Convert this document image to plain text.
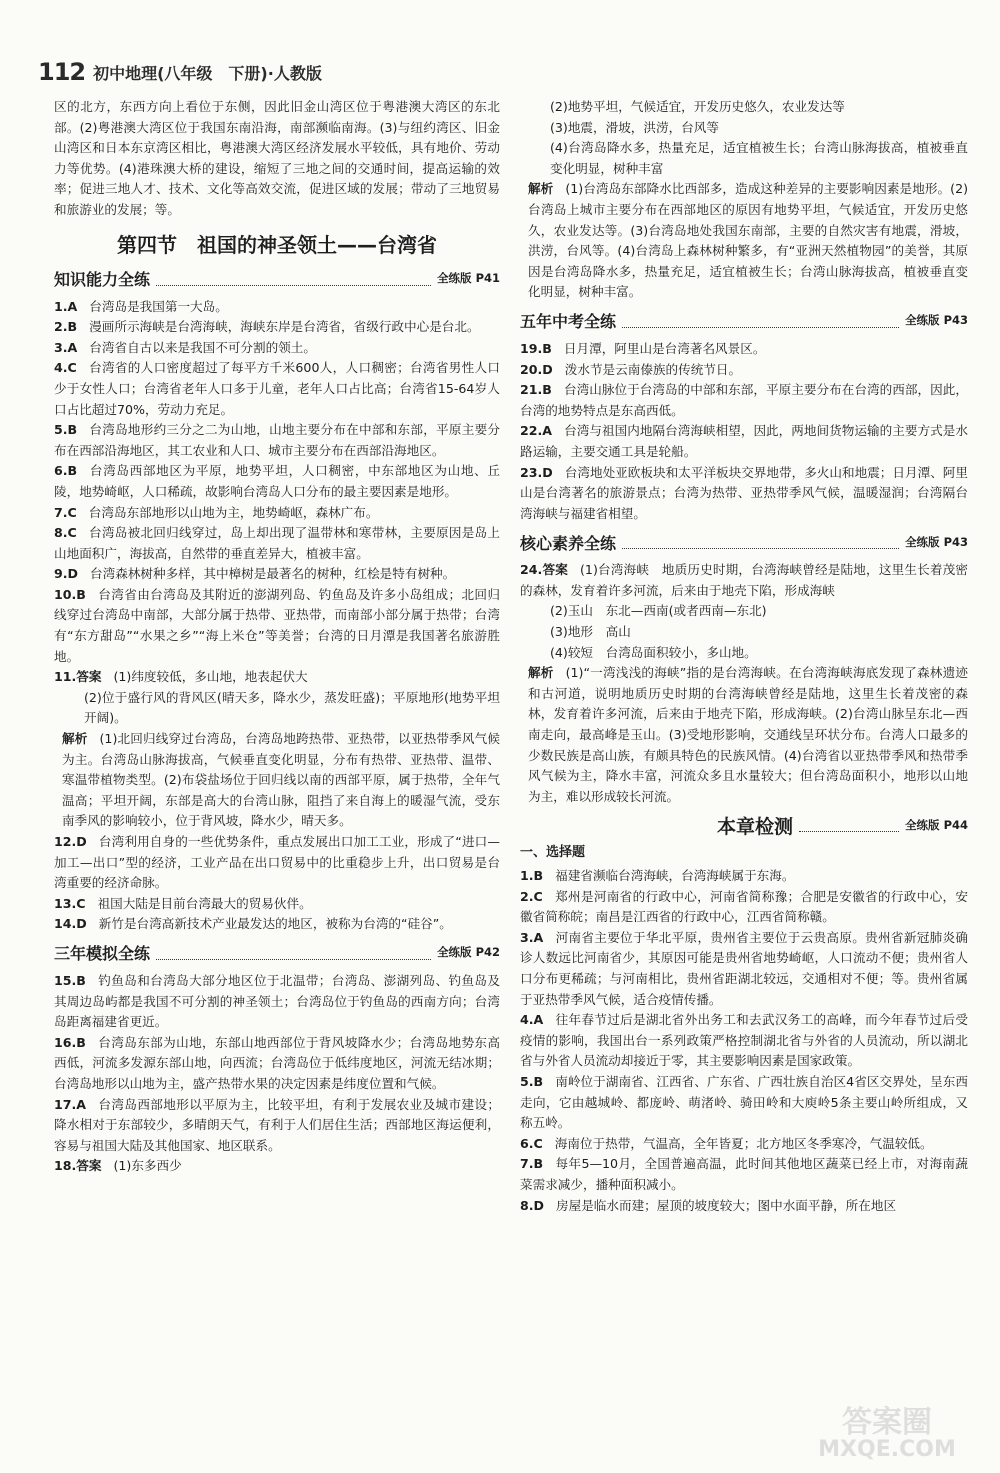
112 初中地理(八年级　下册)·人教版

区的北方，东西方向上看位于东侧，因此旧金山湾区位于粤港澳大湾区的东北部。(2)粤港澳大湾区位于我国东南沿海，南部濒临南海。(3)与纽约湾区、旧金山湾区和日本东京湾区相比，粤港澳大湾区经济发展水平较低，具有地价、劳动力等优势。(4)港珠澳大桥的建设，缩短了三地之间的交通时间，提高运输的效率；促进三地人才、技术、文化等高效交流，促进区域的发展；带动了三地贸易和旅游业的发展；等。

第四节　祖国的神圣领土——台湾省
知识能力全练	全练版 P41

1.A 台湾岛是我国第一大岛。

2.B 漫画所示海峡是台湾海峡，海峡东岸是台湾省，省级行政中心是台北。

3.A 台湾省自古以来是我国不可分割的领土。

4.C 台湾省的人口密度超过了每平方千米600人，人口稠密；台湾省男性人口少于女性人口；台湾省老年人口多于儿童，老年人口占比高；台湾省15-64岁人口占比超过70%，劳动力充足。

5.B 台湾岛地形约三分之二为山地，山地主要分布在中部和东部，平原主要分布在西部沿海地区，其工农业和人口、城市主要分布在西部沿海地区。

6.B 台湾岛西部地区为平原，地势平坦，人口稠密，中东部地区为山地、丘陵，地势崎岖，人口稀疏，故影响台湾岛人口分布的最主要因素是地形。

7.C 台湾岛东部地形以山地为主，地势崎岖，森林广布。

8.C 台湾岛被北回归线穿过，岛上却出现了温带林和寒带林，主要原因是岛上山地面积广，海拔高，自然带的垂直差异大，植被丰富。

9.D 台湾森林树种多样，其中樟树是最著名的树种，红桧是特有树种。

10.B 台湾省由台湾岛及其附近的澎湖列岛、钓鱼岛及许多小岛组成；北回归线穿过台湾岛中南部，大部分属于热带、亚热带，而南部小部分属于热带；台湾有“东方甜岛”“水果之乡”“海上米仓”等美誉；台湾的日月潭是我国著名旅游胜地。

11.答案 (1)纬度较低，多山地，地表起伏大

(2)位于盛行风的背风区(晴天多，降水少，蒸发旺盛)；平原地形(地势平坦开阔)。

解析 (1)北回归线穿过台湾岛，台湾岛地跨热带、亚热带，以亚热带季风气候为主。台湾岛山脉海拔高，气候垂直变化明显，分布有热带、亚热带、温带、寒温带植物类型。(2)布袋盐场位于回归线以南的西部平原，属于热带，全年气温高；平坦开阔，东部是高大的台湾山脉，阻挡了来自海上的暖湿气流，受东南季风的影响较小，位于背风坡，降水少，晴天多。

12.D 台湾利用自身的一些优势条件，重点发展出口加工工业，形成了“进口—加工—出口”型的经济，工业产品在出口贸易中的比重稳步上升，出口贸易是台湾重要的经济命脉。

13.C 祖国大陆是目前台湾最大的贸易伙伴。

14.D 新竹是台湾高新技术产业最发达的地区，被称为台湾的“硅谷”。

三年模拟全练	全练版 P42

15.B 钓鱼岛和台湾岛大部分地区位于北温带；台湾岛、澎湖列岛、钓鱼岛及其周边岛屿都是我国不可分割的神圣领土；台湾岛位于钓鱼岛的西南方向；台湾岛距离福建省更近。

16.B 台湾岛东部为山地，东部山地西部位于背风坡降水少；台湾岛地势东高西低，河流多发源东部山地，向西流；台湾岛位于低纬度地区，河流无结冰期；台湾岛地形以山地为主，盛产热带水果的决定因素是纬度位置和气候。

17.A 台湾岛西部地形以平原为主，比较平坦，有利于发展农业及城市建设；降水相对于东部较少，多晴朗天气，有利于人们居住生活；西部地区海运便利，容易与祖国大陆及其他国家、地区联系。

18.答案 (1)东多西少

(2)地势平坦，气候适宜，开发历史悠久，农业发达等

(3)地震，滑坡，洪涝，台风等

(4)台湾岛降水多，热量充足，适宜植被生长；台湾山脉海拔高，植被垂直变化明显，树种丰富

解析 (1)台湾岛东部降水比西部多，造成这种差异的主要影响因素是地形。(2)台湾岛上城市主要分布在西部地区的原因有地势平坦，气候适宜，开发历史悠久，农业发达等。(3)台湾岛地处我国东南部，主要的自然灾害有地震，滑坡，洪涝，台风等。(4)台湾岛上森林树种繁多，有“亚洲天然植物园”的美誉，其原因是台湾岛降水多，热量充足，适宜植被生长；台湾山脉海拔高，植被垂直变化明显，树种丰富。

五年中考全练	全练版 P43

19.B 日月潭，阿里山是台湾著名风景区。

20.D 泼水节是云南傣族的传统节日。

21.B 台湾山脉位于台湾岛的中部和东部，平原主要分布在台湾的西部，因此，台湾的地势特点是东高西低。

22.A 台湾与祖国内地隔台湾海峡相望，因此，两地间货物运输的主要方式是水路运输，主要交通工具是轮船。

23.D 台湾地处亚欧板块和太平洋板块交界地带，多火山和地震；日月潭、阿里山是台湾著名的旅游景点；台湾为热带、亚热带季风气候，温暖湿润；台湾隔台湾海峡与福建省相望。

核心素养全练	全练版 P43

24.答案 (1)台湾海峡　地质历史时期，台湾海峡曾经是陆地，这里生长着茂密的森林，发育着许多河流，后来由于地壳下陷，形成海峡

(2)玉山　东北—西南(或者西南—东北)

(3)地形　高山

(4)较短　台湾岛面积较小，多山地。

解析 (1)“一湾浅浅的海峡”指的是台湾海峡。在台湾海峡海底发现了森林遗迹和古河道，说明地质历史时期的台湾海峡曾经是陆地，这里生长着茂密的森林，发育着许多河流，后来由于地壳下陷，形成海峡。(2)台湾山脉呈东北—西南走向，最高峰是玉山。(3)受地形影响，交通线呈环状分布。台湾人口最多的少数民族是高山族，有颇具特色的民族风情。(4)台湾省以亚热带季风和热带季风气候为主，降水丰富，河流众多且水量较大；但台湾岛面积小，地形以山地为主，难以形成较长河流。

本章检测	全练版 P44

一、选择题

1.B 福建省濒临台湾海峡，台湾海峡属于东海。

2.C 郑州是河南省的行政中心，河南省简称豫；合肥是安徽省的行政中心，安徽省简称皖；南昌是江西省的行政中心，江西省简称赣。

3.A 河南省主要位于华北平原，贵州省主要位于云贵高原。贵州省新冠肺炎确诊人数远比河南省少，其原因可能是贵州省地势崎岖，人口流动不便；贵州省人口分布更稀疏；与河南相比，贵州省距湖北较远，交通相对不便；等。贵州省属于亚热带季风气候，适合疫情传播。

4.A 往年春节过后是湖北省外出务工和去武汉务工的高峰，而今年春节过后受疫情的影响，我国出台一系列政策严格控制湖北省与外省的人员流动，所以湖北省与外省人员流动却接近于零，其主要影响因素是国家政策。

5.B 南岭位于湖南省、江西省、广东省、广西壮族自治区4省区交界处，呈东西走向，它由越城岭、都庞岭、萌渚岭、骑田岭和大庾岭5条主要山岭所组成，又称五岭。

6.C 海南位于热带，气温高，全年皆夏；北方地区冬季寒冷，气温较低。

7.B 每年5—10月，全国普遍高温，此时间其他地区蔬菜已经上市，对海南蔬菜需求减少，播种面积减小。

8.D 房屋是临水而建；屋顶的坡度较大；图中水面平静，所在地区

答案圈
MXQE.COM
